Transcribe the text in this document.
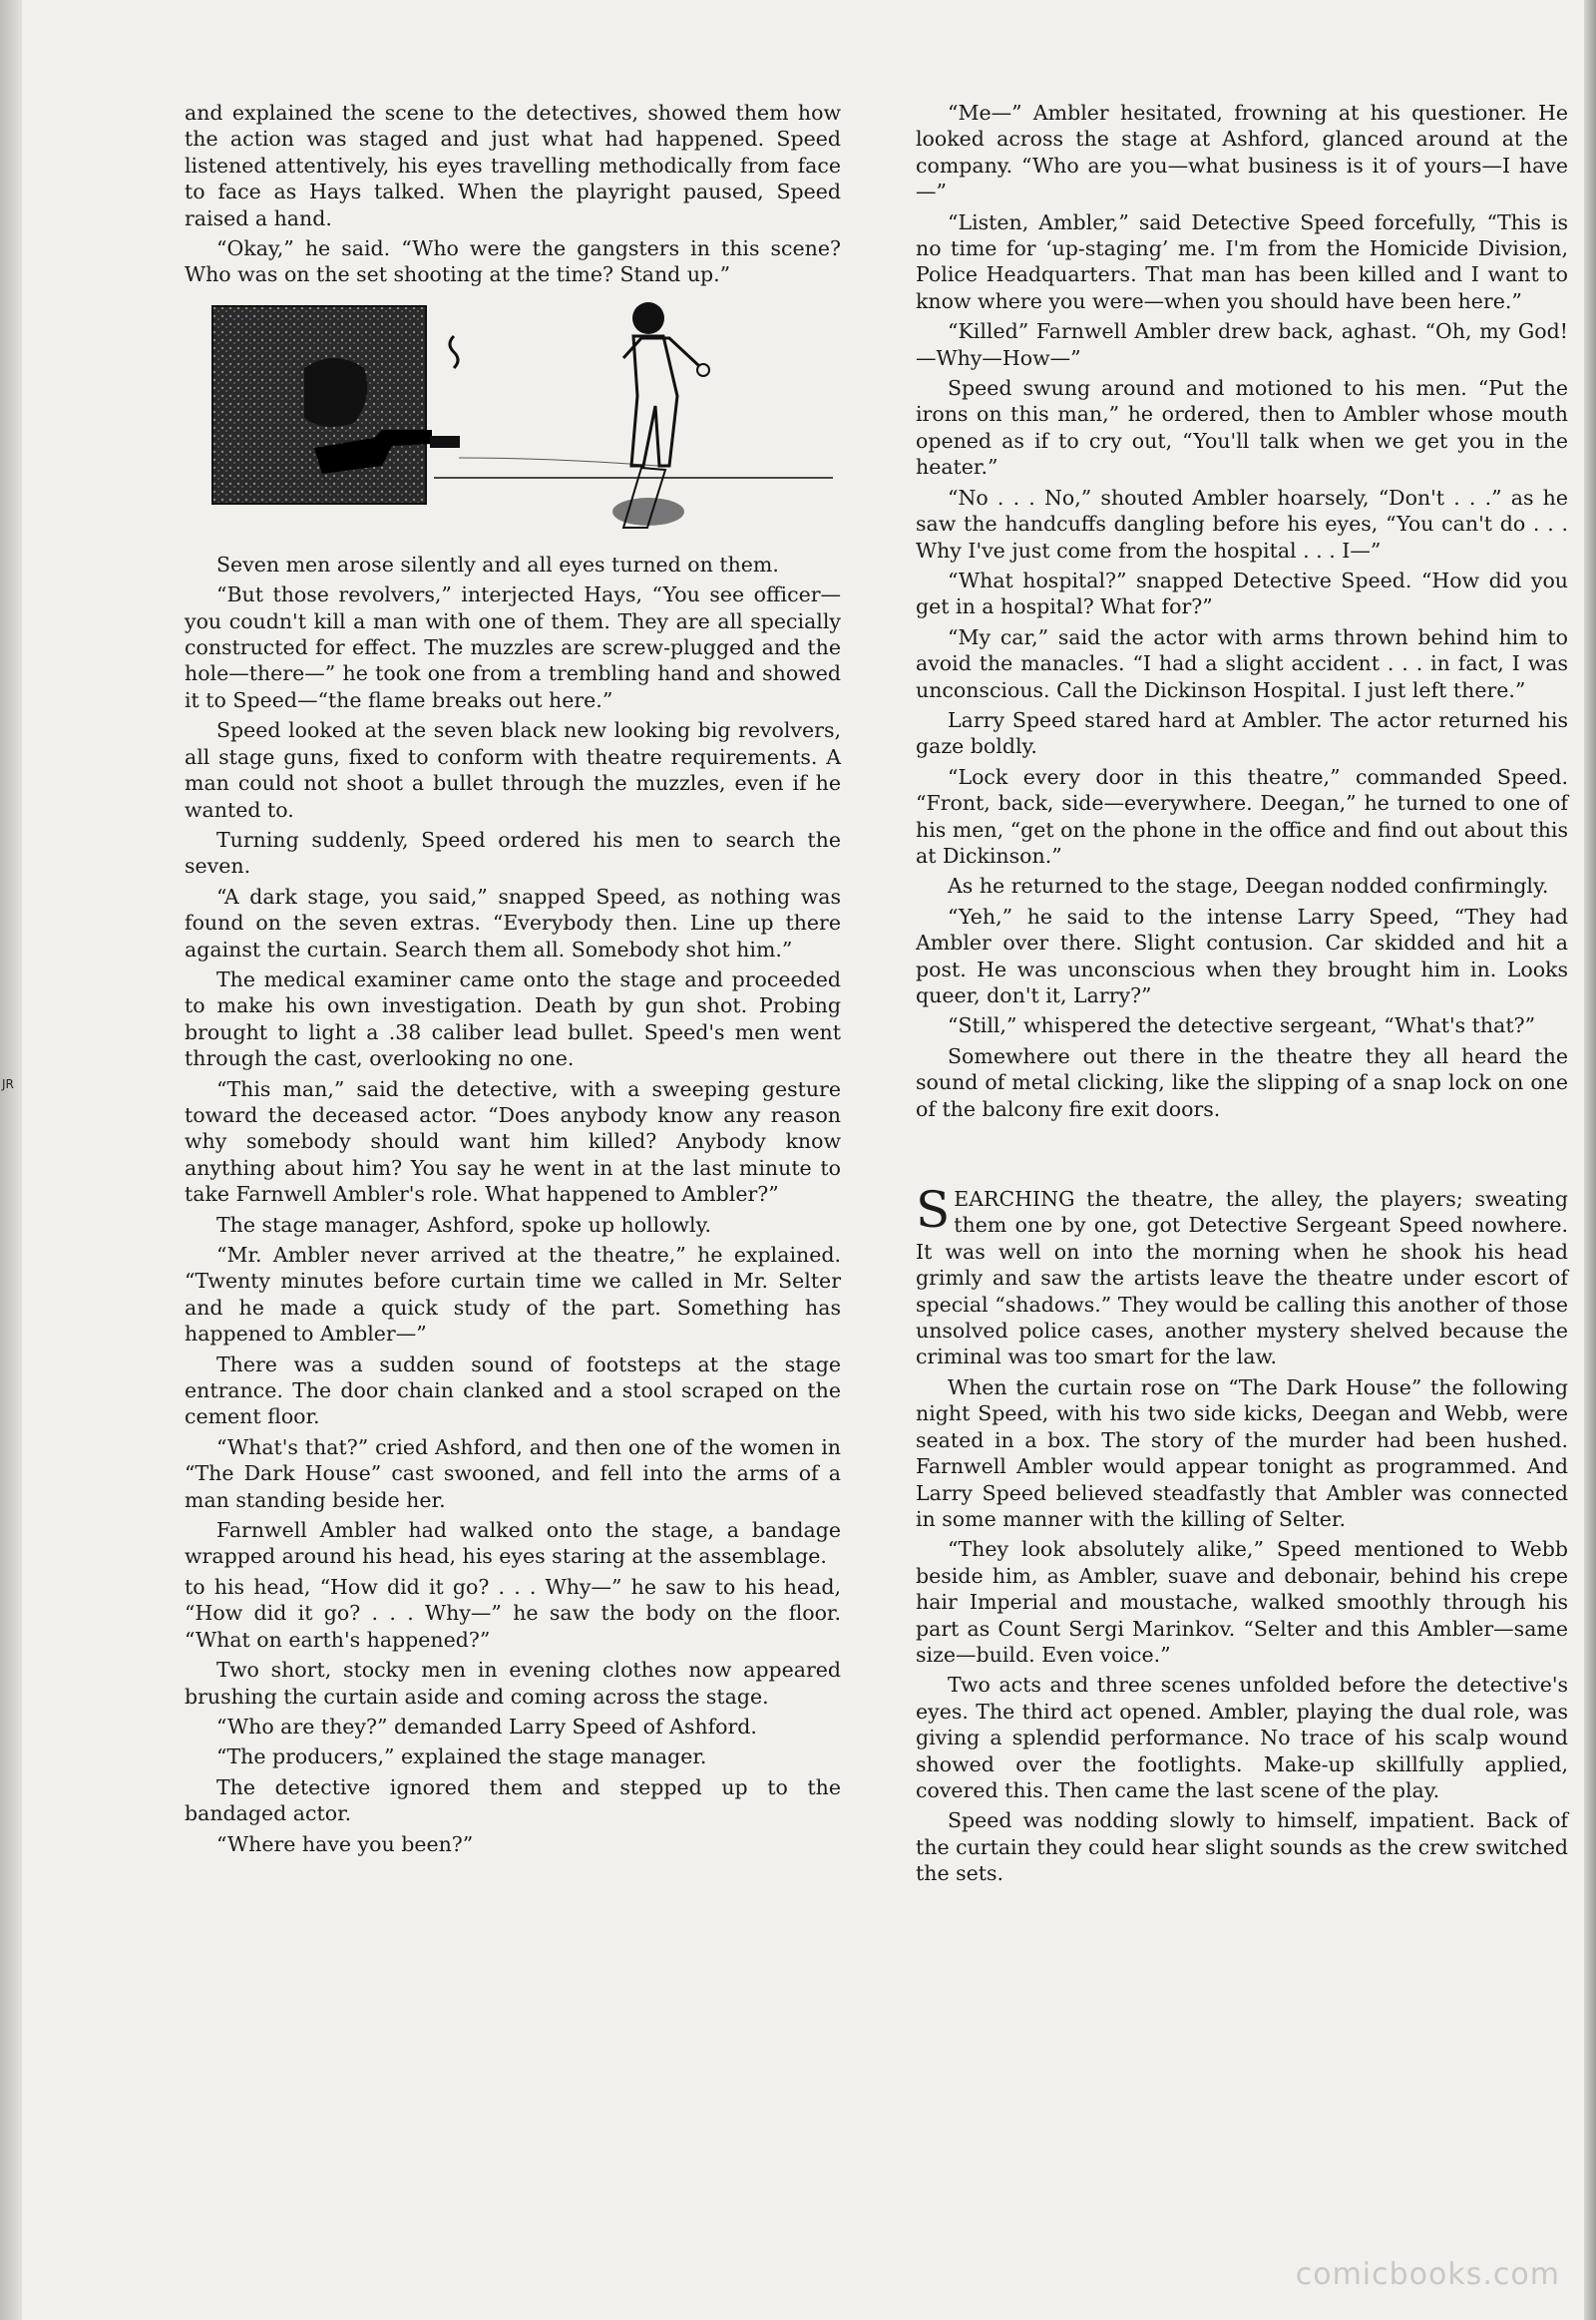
JR

and explained the scene to the detectives, showed them how the action was staged and just what had happened. Speed listened attentively, his eyes travelling methodically from face to face as Hays talked. When the playright paused, Speed raised a hand.

“Okay,” he said. “Who were the gangsters in this scene? Who was on the set shooting at the time? Stand up.”

Seven men arose silently and all eyes turned on them.

“But those revolvers,” interjected Hays, “You see officer—you coudn't kill a man with one of them. They are all specially constructed for effect. The muzzles are screw-plugged and the hole—there—” he took one from a trembling hand and showed it to Speed—“the flame breaks out here.”

Speed looked at the seven black new looking big revolvers, all stage guns, fixed to conform with theatre requirements. A man could not shoot a bullet through the muzzles, even if he wanted to.

Turning suddenly, Speed ordered his men to search the seven.

“A dark stage, you said,” snapped Speed, as nothing was found on the seven extras. “Everybody then. Line up there against the curtain. Search them all. Somebody shot him.”

The medical examiner came onto the stage and proceeded to make his own investigation. Death by gun shot. Probing brought to light a .38 caliber lead bullet. Speed's men went through the cast, overlooking no one.

“This man,” said the detective, with a sweeping gesture toward the deceased actor. “Does anybody know any reason why somebody should want him killed? Anybody know anything about him? You say he went in at the last minute to take Farnwell Ambler's role. What happened to Ambler?”

The stage manager, Ashford, spoke up hollowly.

“Mr. Ambler never arrived at the theatre,” he explained. “Twenty minutes before curtain time we called in Mr. Selter and he made a quick study of the part. Something has happened to Ambler—”

There was a sudden sound of footsteps at the stage entrance. The door chain clanked and a stool scraped on the cement floor.

“What's that?” cried Ashford, and then one of the women in “The Dark House” cast swooned, and fell into the arms of a man standing beside her.

Farnwell Ambler had walked onto the stage, a bandage wrapped around his head, his eyes staring at the assemblage.

to his head, “How did it go? . . . Why—” he saw to his head, “How did it go? . . . Why—” he saw the body on the floor. “What on earth's happened?”

Two short, stocky men in evening clothes now appeared brushing the curtain aside and coming across the stage.

“Who are they?” demanded Larry Speed of Ashford.

“The producers,” explained the stage manager.

The detective ignored them and stepped up to the bandaged actor.

“Where have you been?”

“Me—” Ambler hesitated, frowning at his questioner. He looked across the stage at Ashford, glanced around at the company. “Who are you—what business is it of yours—I have—”

“Listen, Ambler,” said Detective Speed forcefully, “This is no time for ‘up-staging’ me. I'm from the Homicide Division, Police Headquarters. That man has been killed and I want to know where you were—when you should have been here.”

“Killed” Farnwell Ambler drew back, aghast. “Oh, my God!—Why—How—”

Speed swung around and motioned to his men. “Put the irons on this man,” he ordered, then to Ambler whose mouth opened as if to cry out, “You'll talk when we get you in the heater.”

“No . . . No,” shouted Ambler hoarsely, “Don't . . .” as he saw the handcuffs dangling before his eyes, “You can't do . . . Why I've just come from the hospital . . . I—”

“What hospital?” snapped Detective Speed. “How did you get in a hospital? What for?”

“My car,” said the actor with arms thrown behind him to avoid the manacles. “I had a slight accident . . . in fact, I was unconscious. Call the Dickinson Hospital. I just left there.”

Larry Speed stared hard at Ambler. The actor returned his gaze boldly.

“Lock every door in this theatre,” commanded Speed. “Front, back, side—everywhere. Deegan,” he turned to one of his men, “get on the phone in the office and find out about this at Dickinson.”

As he returned to the stage, Deegan nodded confirmingly.

“Yeh,” he said to the intense Larry Speed, “They had Ambler over there. Slight contusion. Car skidded and hit a post. He was unconscious when they brought him in. Looks queer, don't it, Larry?”

“Still,” whispered the detective sergeant, “What's that?”

Somewhere out there in the theatre they all heard the sound of metal clicking, like the slipping of a snap lock on one of the balcony fire exit doors.

SEARCHING the theatre, the alley, the players; sweating them one by one, got Detective Sergeant Speed nowhere. It was well on into the morning when he shook his head grimly and saw the artists leave the theatre under escort of special “shadows.” They would be calling this another of those unsolved police cases, another mystery shelved because the criminal was too smart for the law.

When the curtain rose on “The Dark House” the following night Speed, with his two side kicks, Deegan and Webb, were seated in a box. The story of the murder had been hushed. Farnwell Ambler would appear tonight as programmed. And Larry Speed believed steadfastly that Ambler was connected in some manner with the killing of Selter.

“They look absolutely alike,” Speed mentioned to Webb beside him, as Ambler, suave and debonair, behind his crepe hair Imperial and moustache, walked smoothly through his part as Count Sergi Marinkov. “Selter and this Ambler—same size—build. Even voice.”

Two acts and three scenes unfolded before the detective's eyes. The third act opened. Ambler, playing the dual role, was giving a splendid performance. No trace of his scalp wound showed over the footlights. Make-up skillfully applied, covered this. Then came the last scene of the play.

Speed was nodding slowly to himself, impatient. Back of the curtain they could hear slight sounds as the crew switched the sets.

comicbooks.com
